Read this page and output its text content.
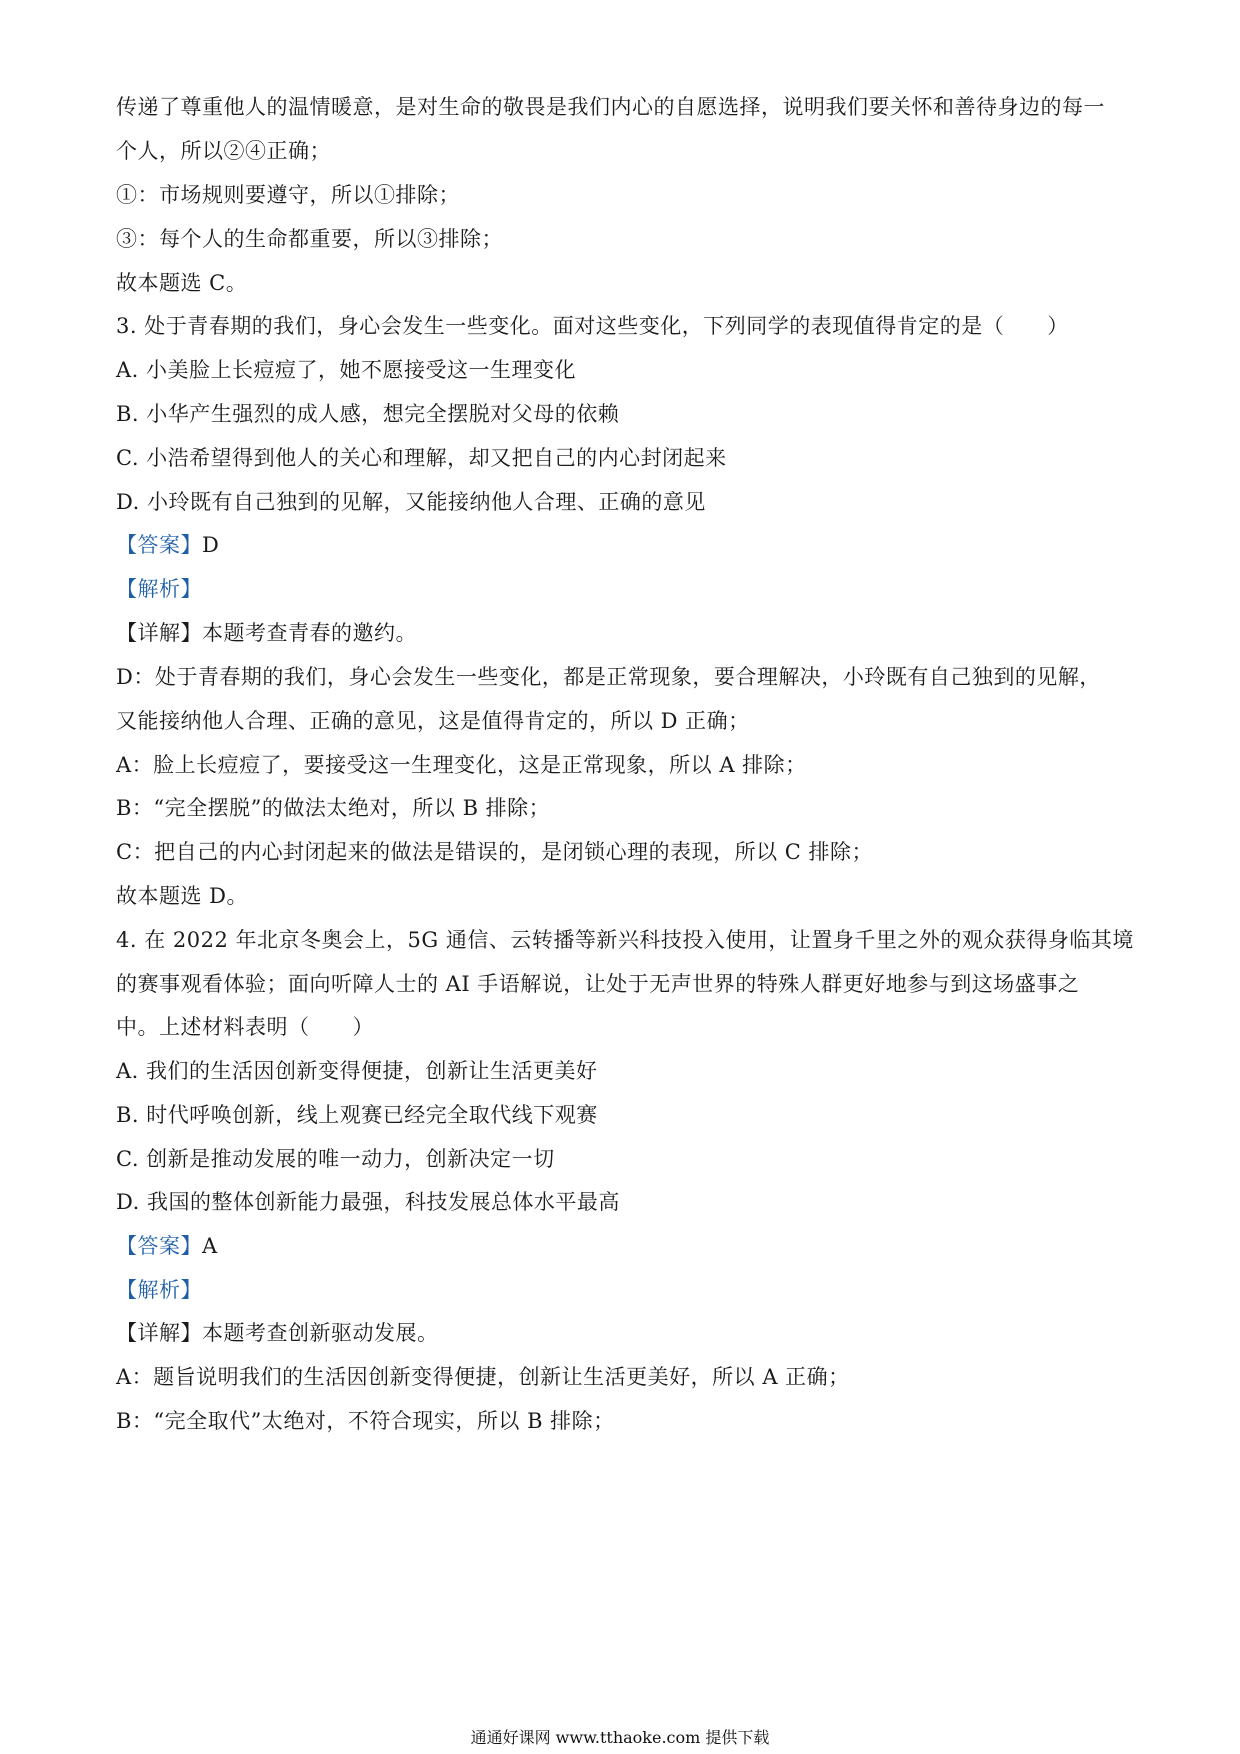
传递了尊重他人的温情暖意，是对生命的敬畏是我们内心的自愿选择，说明我们要关怀和善待身边的每一
个人，所以②④正确；
①：市场规则要遵守，所以①排除；
③：每个人的生命都重要，所以③排除；
故本题选 C。
3. 处于青春期的我们，身心会发生一些变化。面对这些变化，下列同学的表现值得肯定的是（　　）
A. 小美脸上长痘痘了，她不愿接受这一生理变化
B. 小华产生强烈的成人感，想完全摆脱对父母的依赖
C. 小浩希望得到他人的关心和理解，却又把自己的内心封闭起来
D. 小玲既有自己独到的见解，又能接纳他人合理、正确的意见
【答案】D
【解析】
【详解】本题考查青春的邀约。
D：处于青春期的我们，身心会发生一些变化，都是正常现象，要合理解决，小玲既有自己独到的见解，
又能接纳他人合理、正确的意见，这是值得肯定的，所以 D 正确；
A：脸上长痘痘了，要接受这一生理变化，这是正常现象，所以 A 排除；
B：“完全摆脱”的做法太绝对，所以 B 排除；
C：把自己的内心封闭起来的做法是错误的，是闭锁心理的表现，所以 C 排除；
故本题选 D。
4. 在 2022 年北京冬奥会上，5G 通信、云转播等新兴科技投入使用，让置身千里之外的观众获得身临其境
的赛事观看体验；面向听障人士的 AI 手语解说，让处于无声世界的特殊人群更好地参与到这场盛事之
中。上述材料表明（　　）
A. 我们的生活因创新变得便捷，创新让生活更美好
B. 时代呼唤创新，线上观赛已经完全取代线下观赛
C. 创新是推动发展的唯一动力，创新决定一切
D. 我国的整体创新能力最强，科技发展总体水平最高
【答案】A
【解析】
【详解】本题考查创新驱动发展。
A：题旨说明我们的生活因创新变得便捷，创新让生活更美好，所以 A 正确；
B：“完全取代”太绝对，不符合现实，所以 B 排除；
通通好课网 www.tthaoke.com 提供下载
